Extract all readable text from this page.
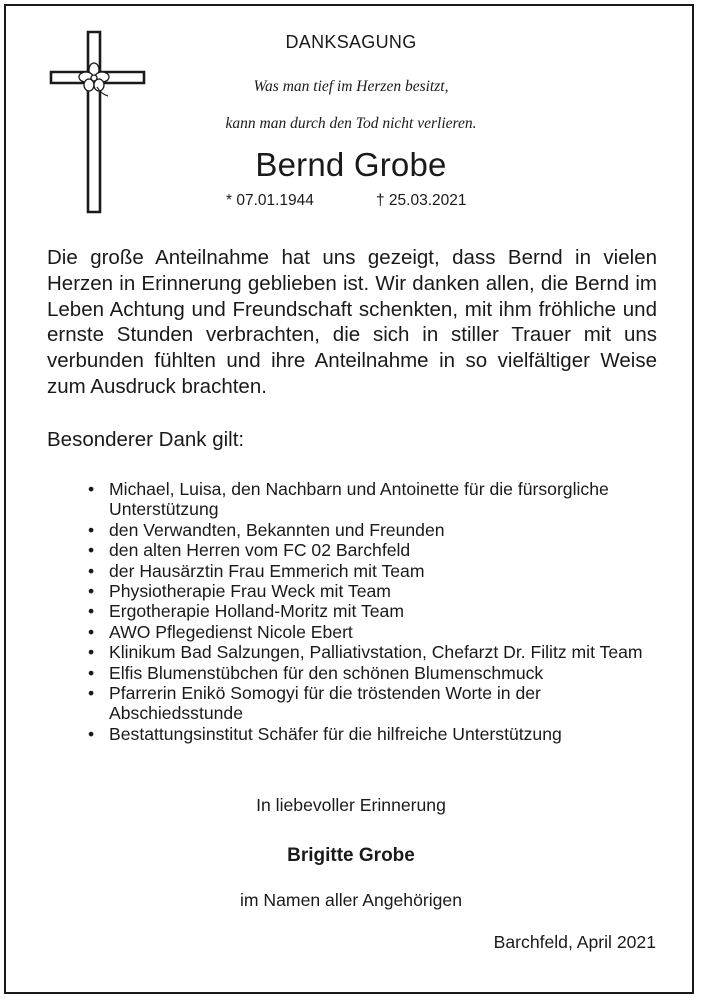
DANKSAGUNG
Was man tief im Herzen besitzt,
kann man durch den Tod nicht verlieren.
Bernd Grobe
* 07.01.1944	† 25.03.2021

Die große Anteilnahme hat uns gezeigt, dass Bernd in vielen Herzen in Erinnerung geblieben ist. Wir danken allen, die Bernd im Leben Achtung und Freundschaft schenkten, mit ihm fröhliche und ernste Stunden verbrachten, die sich in stiller Trauer mit uns verbunden fühlten und ihre Anteilnahme in so vielfältiger Weise zum Ausdruck brachten.

Besonderer Dank gilt:
• Michael, Luisa, den Nachbarn und Antoinette für die fürsorgliche Unterstützung
• den Verwandten, Bekannten und Freunden
• den alten Herren vom FC 02 Barchfeld
• der Hausärztin Frau Emmerich mit Team
• Physiotherapie Frau Weck mit Team
• Ergotherapie Holland-Moritz mit Team
• AWO Pflegedienst Nicole Ebert
• Klinikum Bad Salzungen, Palliativstation, Chefarzt Dr. Filitz mit Team
• Elfis Blumenstübchen für den schönen Blumenschmuck
• Pfarrerin Enikö Somogyi für die tröstenden Worte in der Abschiedsstunde
• Bestattungsinstitut Schäfer für die hilfreiche Unterstützung
In liebevoller Erinnerung
Brigitte Grobe
im Namen aller Angehörigen
Barchfeld, April 2021
